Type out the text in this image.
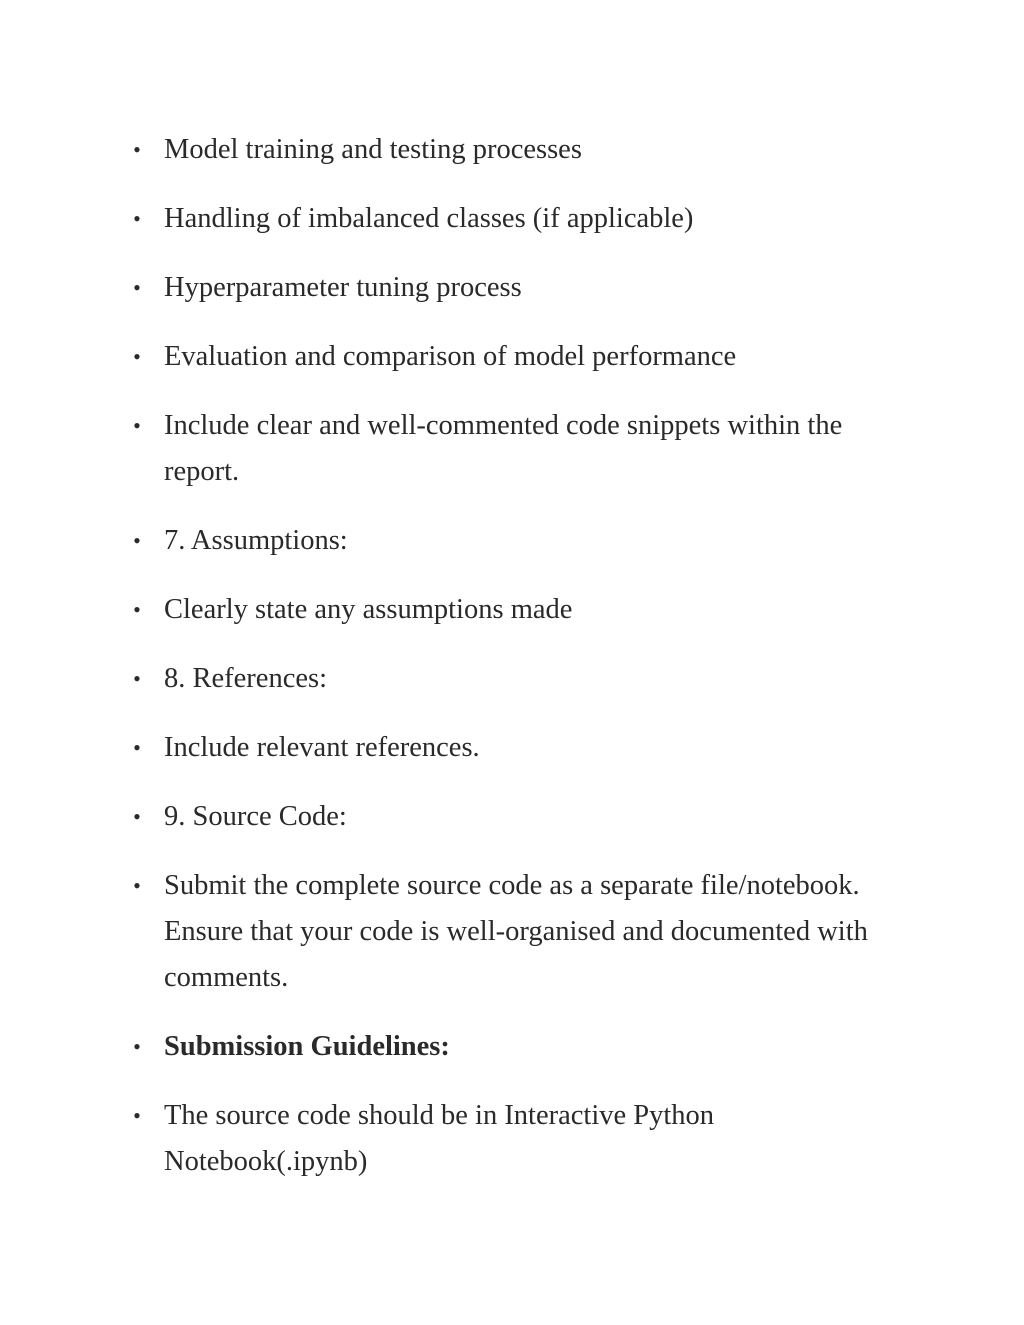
• Model training and testing processes
• Handling of imbalanced classes (if applicable)
• Hyperparameter tuning process
• Evaluation and comparison of model performance
• Include clear and well-commented code snippets within the report.
• 7. Assumptions:
• Clearly state any assumptions made
• 8. References:
• Include relevant references.
• 9. Source Code:
• Submit the complete source code as a separate file/notebook. Ensure that your code is well-organised and documented with comments.
• Submission Guidelines:
• The source code should be in Interactive Python Notebook(.ipynb)
